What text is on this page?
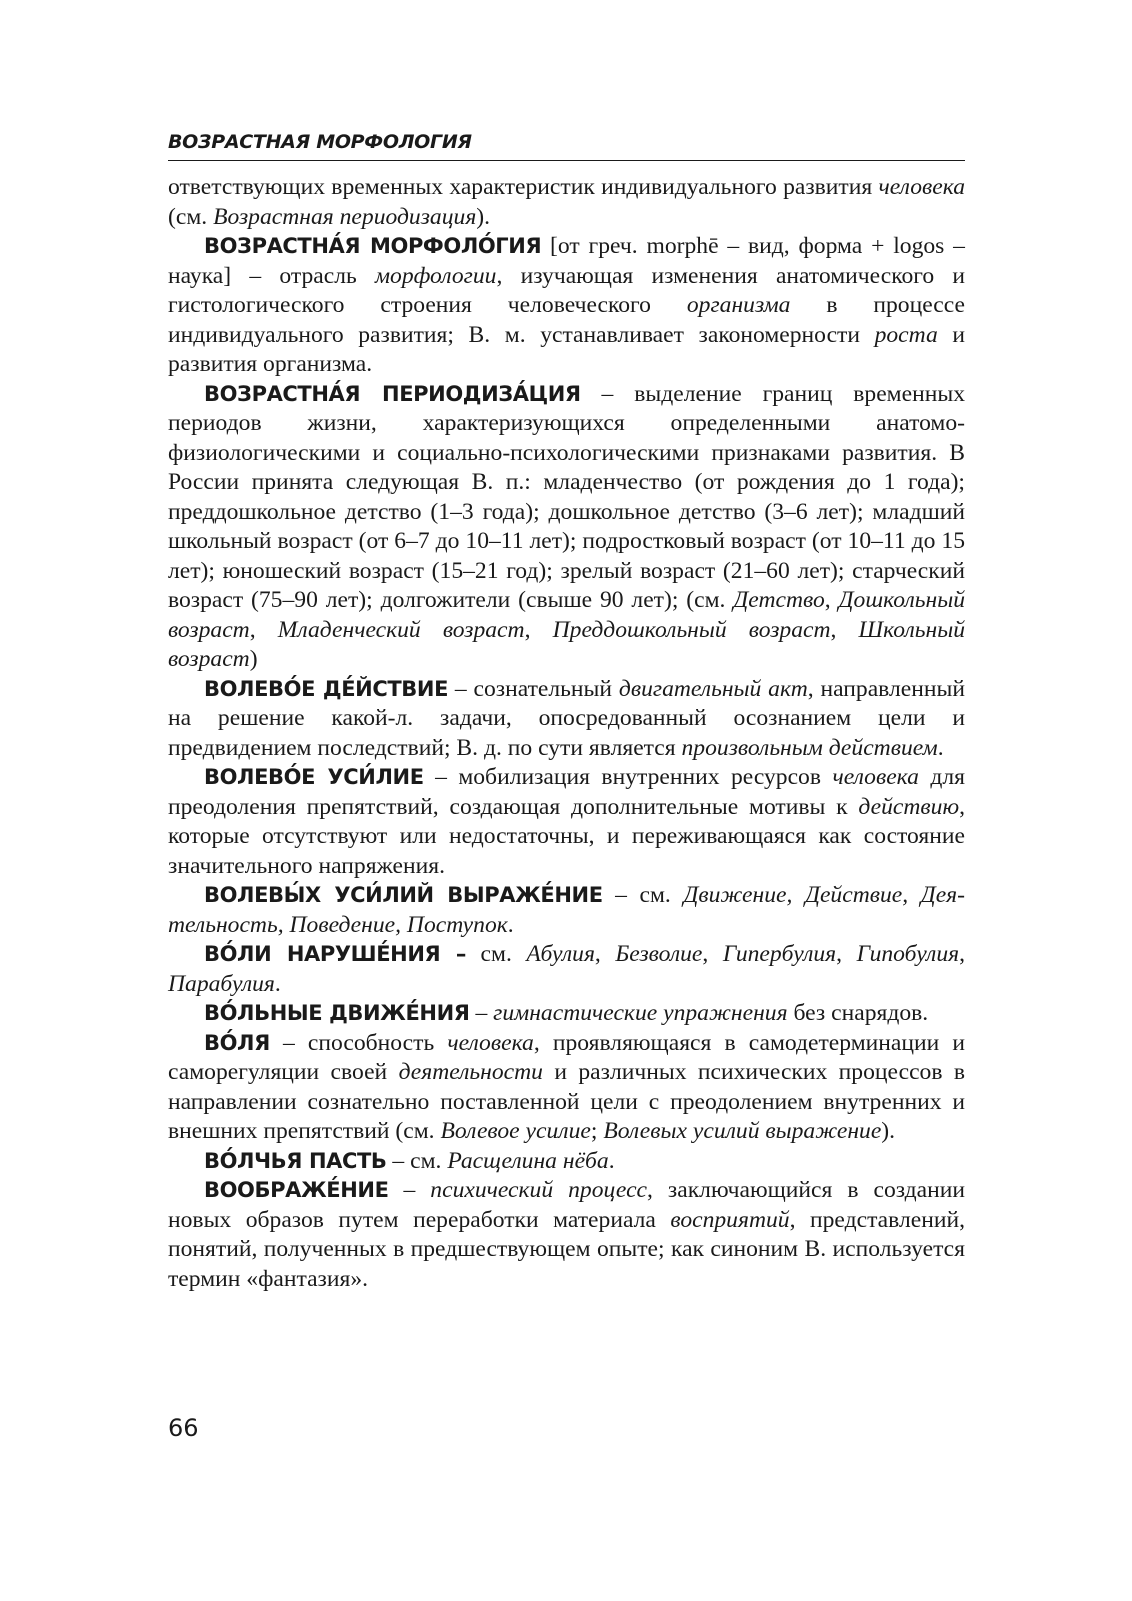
ВОЗРАСТНАЯ МОРФОЛОГИЯ

ответствующих временных характеристик индивидуального развития человека (см. Возрастная периодизация).

ВОЗРАСТНА́Я МОРФОЛО́ГИЯ [от греч. morphē – вид, форма + logos – наука] – отрасль морфологии, изучающая изменения анатомического и гистологического строения человеческого организма в процессе индивидуального развития; В. м. устанавливает закономерности роста и развития организма.

ВОЗРАСТНА́Я ПЕРИОДИЗА́ЦИЯ – выделение границ временных периодов жизни, характеризующихся определенными анатомо-физиологическими и социально-психологическими признаками развития. В России принята следующая В. п.: младенчество (от рождения до 1 года); преддошкольное детство (1–3 года); дошкольное детство (3–6 лет); младший школьный возраст (от 6–7 до 10–11 лет); подростковый возраст (от 10–11 до 15 лет); юношеский возраст (15–21 год); зрелый возраст (21–60 лет); старческий возраст (75–90 лет); долгожители (свыше 90 лет); (см. Детство, Дошкольный возраст, Младенческий возраст, Преддошкольный возраст, Школьный возраст)

ВОЛЕВО́Е ДЕ́ЙСТВИЕ – сознательный двигательный акт, направленный на решение какой-л. задачи, опосредованный осознанием цели и предвидением последствий; В. д. по сути является произвольным действием.

ВОЛЕВО́Е УСИ́ЛИЕ – мобилизация внутренних ресурсов человека для преодоления препятствий, создающая дополнительные мотивы к действию, которые отсутствуют или недостаточны, и переживающаяся как состояние значительного напряжения.

ВОЛЕВЫ́Х УСИ́ЛИЙ ВЫРАЖЕ́НИЕ – см. Движение, Действие, Деятельность, Поведение, Поступок.

ВО́ЛИ НАРУШЕ́НИЯ – см. Абулия, Безволие, Гипербулия, Гипобулия, Парабулия.

ВО́ЛЬНЫЕ ДВИЖЕ́НИЯ – гимнастические упражнения без снарядов.

ВО́ЛЯ – способность человека, проявляющаяся в самодетерминации и саморегуляции своей деятельности и различных психических процессов в направлении сознательно поставленной цели с преодолением внутренних и внешних препятствий (см. Волевое усилие; Волевых усилий выражение).

ВО́ЛЧЬЯ ПАСТЬ – см. Расщелина нёба.

ВООБРАЖЕ́НИЕ – психический процесс, заключающийся в создании новых образов путем переработки материала восприятий, представлений, понятий, полученных в предшествующем опыте; как синоним В. используется термин «фантазия».

66
